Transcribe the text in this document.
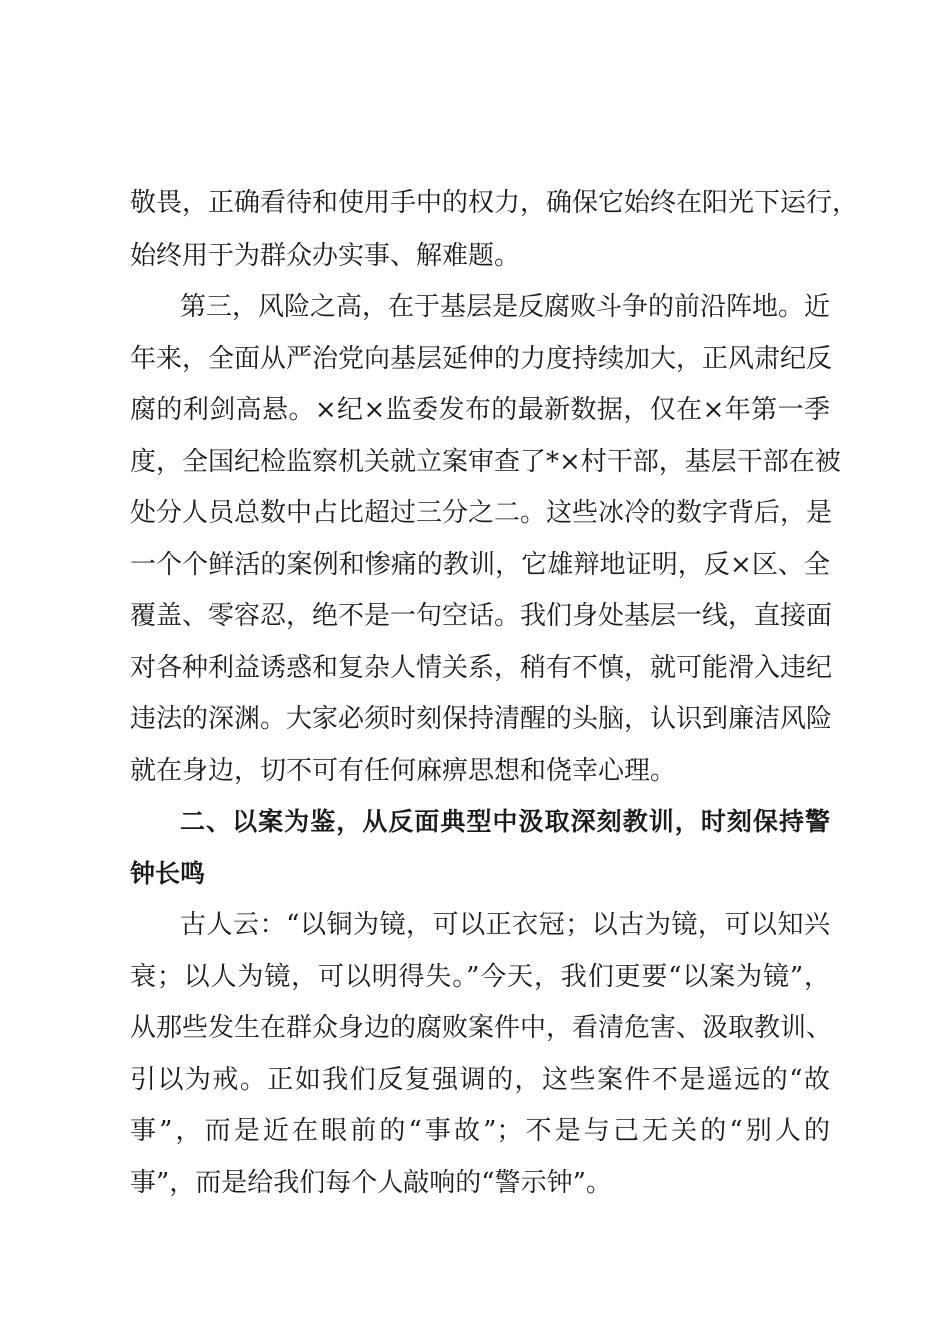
敬畏，正确看待和使用手中的权力，确保它始终在阳光下运行，
始终用于为群众办实事、解难题。
第三，风险之高，在于基层是反腐败斗争的前沿阵地。近
年来，全面从严治党向基层延伸的力度持续加大，正风肃纪反
腐的利剑高悬。×纪×监委发布的最新数据，仅在×年第一季
度，全国纪检监察机关就立案审查了*×村干部，基层干部在被
处分人员总数中占比超过三分之二。这些冰冷的数字背后，是
一个个鲜活的案例和惨痛的教训，它雄辩地证明，反×区、全
覆盖、零容忍，绝不是一句空话。我们身处基层一线，直接面
对各种利益诱惑和复杂人情关系，稍有不慎，就可能滑入违纪
违法的深渊。大家必须时刻保持清醒的头脑，认识到廉洁风险
就在身边，切不可有任何麻痹思想和侥幸心理。
二、以案为鉴，从反面典型中汲取深刻教训，时刻保持警
钟长鸣
古人云：“以铜为镜，可以正衣冠；以古为镜，可以知兴
衰；以人为镜，可以明得失。”今天，我们更要“以案为镜”，
从那些发生在群众身边的腐败案件中，看清危害、汲取教训、
引以为戒。正如我们反复强调的，这些案件不是遥远的“故
事”，而是近在眼前的“事故”；不是与己无关的“别人的
事”，而是给我们每个人敲响的“警示钟”。
